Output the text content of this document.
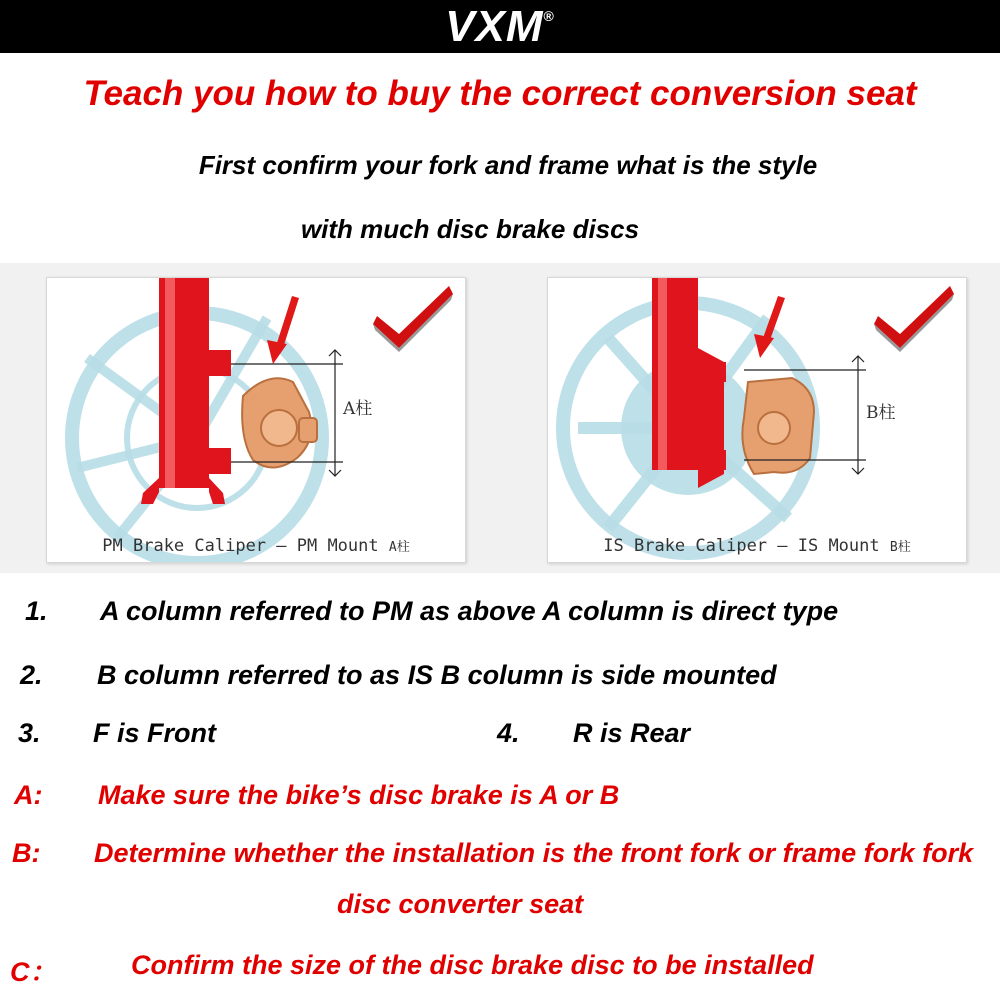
VXM®
Teach you how to buy the correct conversion seat
First confirm your fork and frame what is the style
with much disc brake discs
A柱
PM Brake Caliper – PM Mount A柱
B柱
IS Brake Caliper – IS Mount B柱
1. A column referred to PM as above A column is direct type
2. B column referred to as IS B column is side mounted
3. F is Front	4. R is Rear
A: Make sure the bike’s disc brake is A or B
B: Determine whether the installation is the front fork or frame fork fork
disc converter seat
C：	Confirm the size of the disc brake disc to be installed
